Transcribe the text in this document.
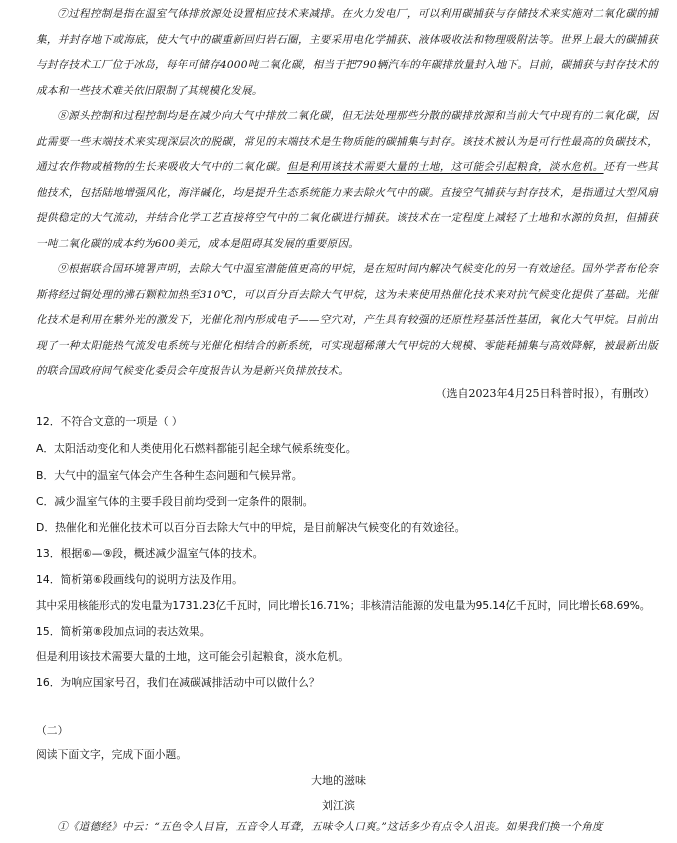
⑦过程控制是指在温室气体排放源处设置相应技术来减排。在火力发电厂，可以利用碳捕获与存储技术来实施对二氧化碳的捕集，并封存地下或海底，使大气中的碳重新回归岩石圈，主要采用电化学捕获、液体吸收法和物理吸附法等。世界上最大的碳捕获与封存技术工厂位于冰岛，每年可储存4000吨二氧化碳，相当于把790辆汽车的年碳排放量封入地下。目前，碳捕获与封存技术的成本和一些技术难关依旧限制了其规模化发展。

⑧源头控制和过程控制均是在减少向大气中排放二氧化碳，但无法处理那些分散的碳排放源和当前大气中现有的二氧化碳，因此需要一些末端技术来实现深层次的脱碳，常见的末端技术是生物质能的碳捕集与封存。该技术被认为是可行性最高的负碳技术，通过农作物或植物的生长来吸收大气中的二氧化碳。但是利用该技术需要大量的土地，这可能会引起粮食，淡水危机。还有一些其他技术，包括陆地增强风化，海洋碱化，均是提升生态系统能力来去除火气中的碳。直接空气捕获与封存技术，是指通过大型风扇提供稳定的大气流动，并结合化学工艺直接将空气中的二氧化碳进行捕获。该技术在一定程度上减轻了土地和水源的负担，但捕获一吨二氧化碳的成本约为600美元，成本是阻碍其发展的重要原因。

⑨根据联合国环境署声明，去除大气中温室潜能值更高的甲烷，是在短时间内解决气候变化的另一有效途径。国外学者布伦奈斯将经过铜处理的沸石颗粒加热至310℃，可以百分百去除大气甲烷，这为未来使用热催化技术来对抗气候变化提供了基础。光催化技术是利用在紫外光的激发下，光催化剂内形成电子——空穴对，产生具有较强的还原性羟基活性基团，氧化大气甲烷。目前出现了一种太阳能热气流发电系统与光催化相结合的新系统，可实现超稀薄大气甲烷的大规模、零能耗捕集与高效降解，被最新出版的联合国政府间气候变化委员会年度报告认为是新兴负排放技术。

（选自2023年4月25日科普时报），有删改）

12．不符合文意的一项是（ ）

A．太阳活动变化和人类使用化石燃料都能引起全球气候系统变化。

B．大气中的温室气体会产生各种生态问题和气候异常。

C．减少温室气体的主要手段目前均受到一定条件的限制。

D．热催化和光催化技术可以百分百去除大气中的甲烷，是目前解决气候变化的有效途径。

13．根据⑥—⑨段，概述减少温室气体的技术。

14．简析第⑥段画线句的说明方法及作用。

其中采用核能形式的发电量为1731.23亿千瓦时，同比增长16.71%；非核清洁能源的发电量为95.14亿千瓦时，同比增长68.69%。

15．简析第⑧段加点词的表达效果。

但是利用该技术需要大量的土地，这可能会引起粮食，淡水危机。

16．为响应国家号召，我们在减碳减排活动中可以做什么？

（二）

阅读下面文字，完成下面小题。

大地的滋味

刘江滨

①《道德经》中云：“五色令人目盲，五音令人耳聋，五味令人口爽。”这话多少有点令人沮丧。如果我们换一个角度
